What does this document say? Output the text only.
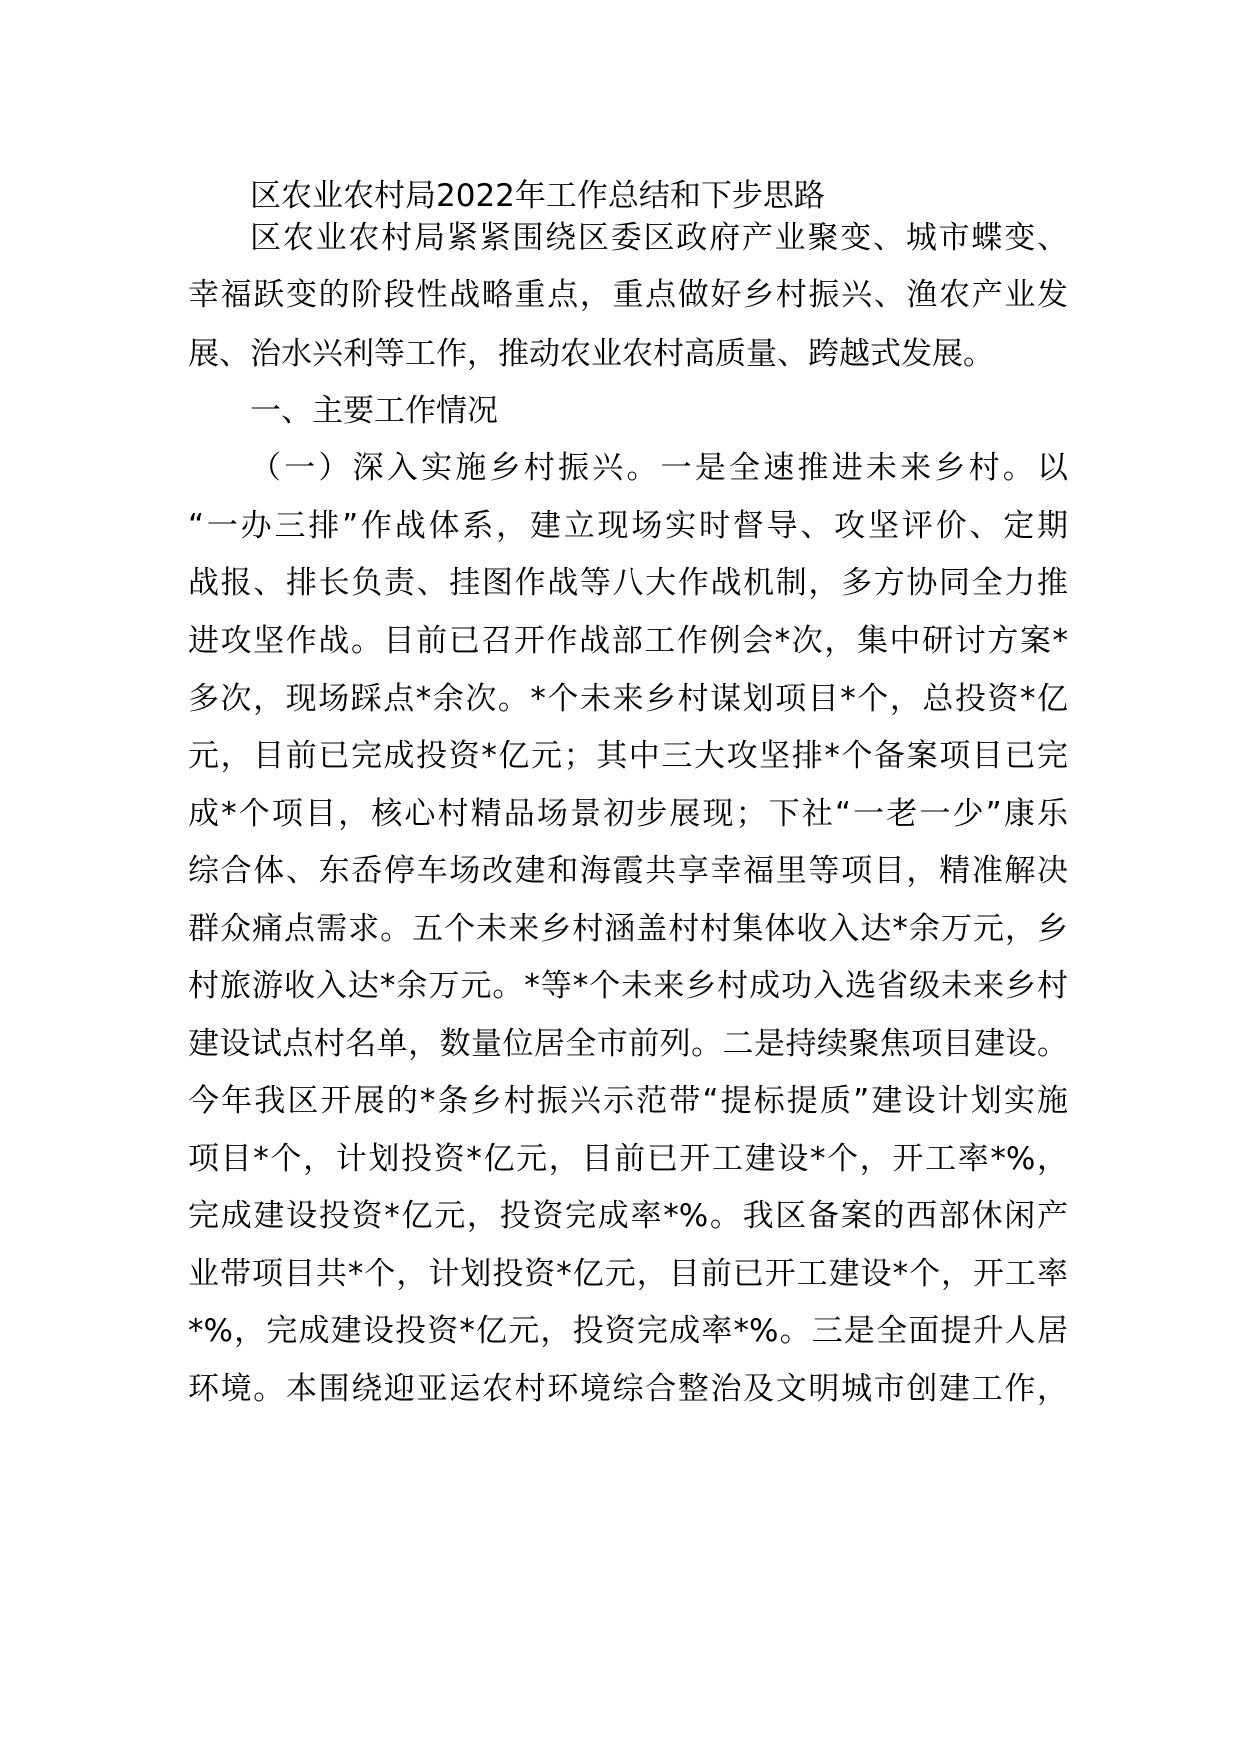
区农业农村局2022年工作总结和下步思路
区农业农村局紧紧围绕区委区政府产业聚变、城市蝶变、
幸福跃变的阶段性战略重点，重点做好乡村振兴、渔农产业发
展、治水兴利等工作，推动农业农村高质量、跨越式发展。
一、主要工作情况
（一）深入实施乡村振兴。一是全速推进未来乡村。以
“一办三排”作战体系，建立现场实时督导、攻坚评价、定期
战报、排长负责、挂图作战等八大作战机制，多方协同全力推
进攻坚作战。目前已召开作战部工作例会*次，集中研讨方案*
多次，现场踩点*余次。*个未来乡村谋划项目*个，总投资*亿
元，目前已完成投资*亿元；其中三大攻坚排*个备案项目已完
成*个项目，核心村精品场景初步展现；下社“一老一少”康乐
综合体、东岙停车场改建和海霞共享幸福里等项目，精准解决
群众痛点需求。五个未来乡村涵盖村村集体收入达*余万元，乡
村旅游收入达*余万元。*等*个未来乡村成功入选省级未来乡村
建设试点村名单，数量位居全市前列。二是持续聚焦项目建设。
今年我区开展的*条乡村振兴示范带“提标提质”建设计划实施
项目*个，计划投资*亿元，目前已开工建设*个，开工率*%，
完成建设投资*亿元，投资完成率*%。我区备案的西部休闲产
业带项目共*个，计划投资*亿元，目前已开工建设*个，开工率
*%，完成建设投资*亿元，投资完成率*%。三是全面提升人居
环境。本围绕迎亚运农村环境综合整治及文明城市创建工作，
